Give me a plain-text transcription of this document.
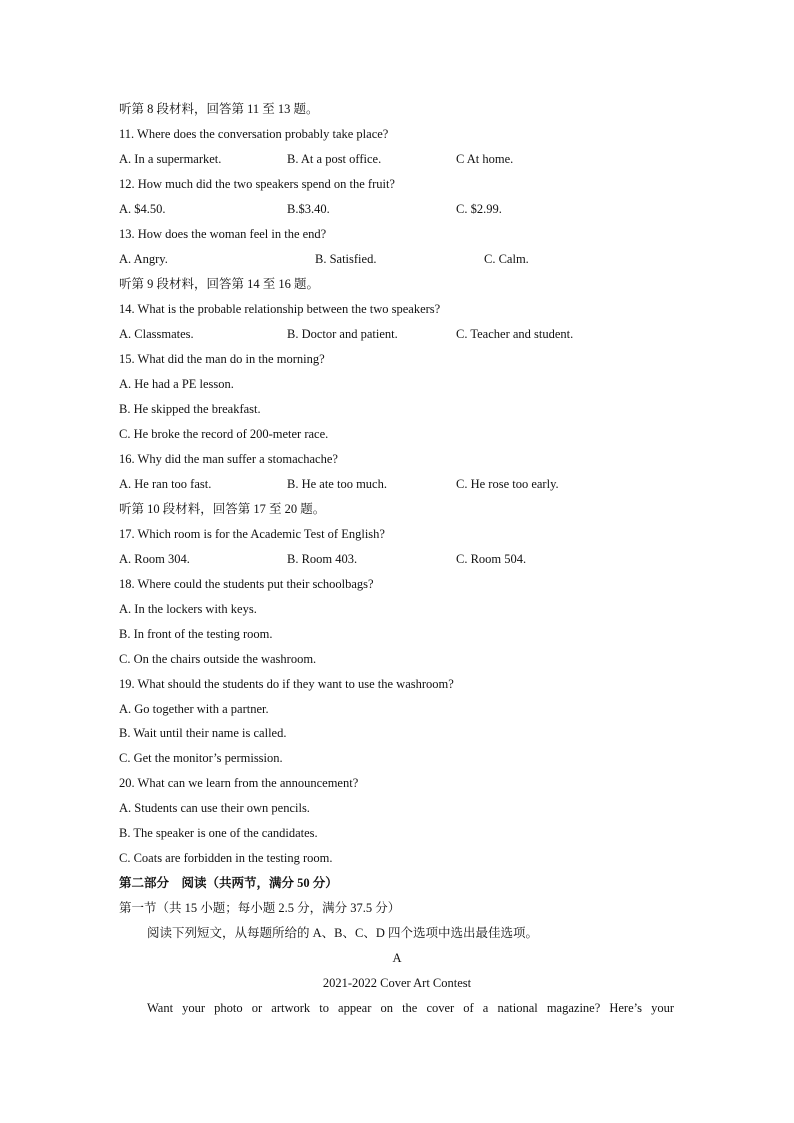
听第 8 段材料，回答第 11 至 13 题。
11. Where does the conversation probably take place?
A. In a supermarket.	B. At a post office.	C At home.
12. How much did the two speakers spend on the fruit?
A. $4.50.	B.$3.40.	C. $2.99.
13. How does the woman feel in the end?
A. Angry.	B. Satisfied.	C. Calm.
听第 9 段材料，回答第 14 至 16 题。
14. What is the probable relationship between the two speakers?
A. Classmates.	B. Doctor and patient.	C. Teacher and student.
15. What did the man do in the morning?
A. He had a PE lesson.
B. He skipped the breakfast.
C. He broke the record of 200-meter race.
16. Why did the man suffer a stomachache?
A. He ran too fast.	B. He ate too much.	C. He rose too early.
听第 10 段材料，回答第 17 至 20 题。
17. Which room is for the Academic Test of English?
A. Room 304.	B. Room 403.	C. Room 504.
18. Where could the students put their schoolbags?
A. In the lockers with keys.
B. In front of the testing room.
C. On the chairs outside the washroom.
19. What should the students do if they want to use the washroom?
A. Go together with a partner.
B. Wait until their name is called.
C. Get the monitor’s permission.
20. What can we learn from the announcement?
A. Students can use their own pencils.
B. The speaker is one of the candidates.
C. Coats are forbidden in the testing room.
第二部分　阅读（共两节，满分 50 分）
第一节（共 15 小题；每小题 2.5 分，满分 37.5 分）
阅读下列短文，从每题所给的 A、B、C、D 四个选项中选出最佳选项。
A
2021-2022 Cover Art Contest
Want your photo or artwork to appear on the cover of a national magazine? Here’s your
